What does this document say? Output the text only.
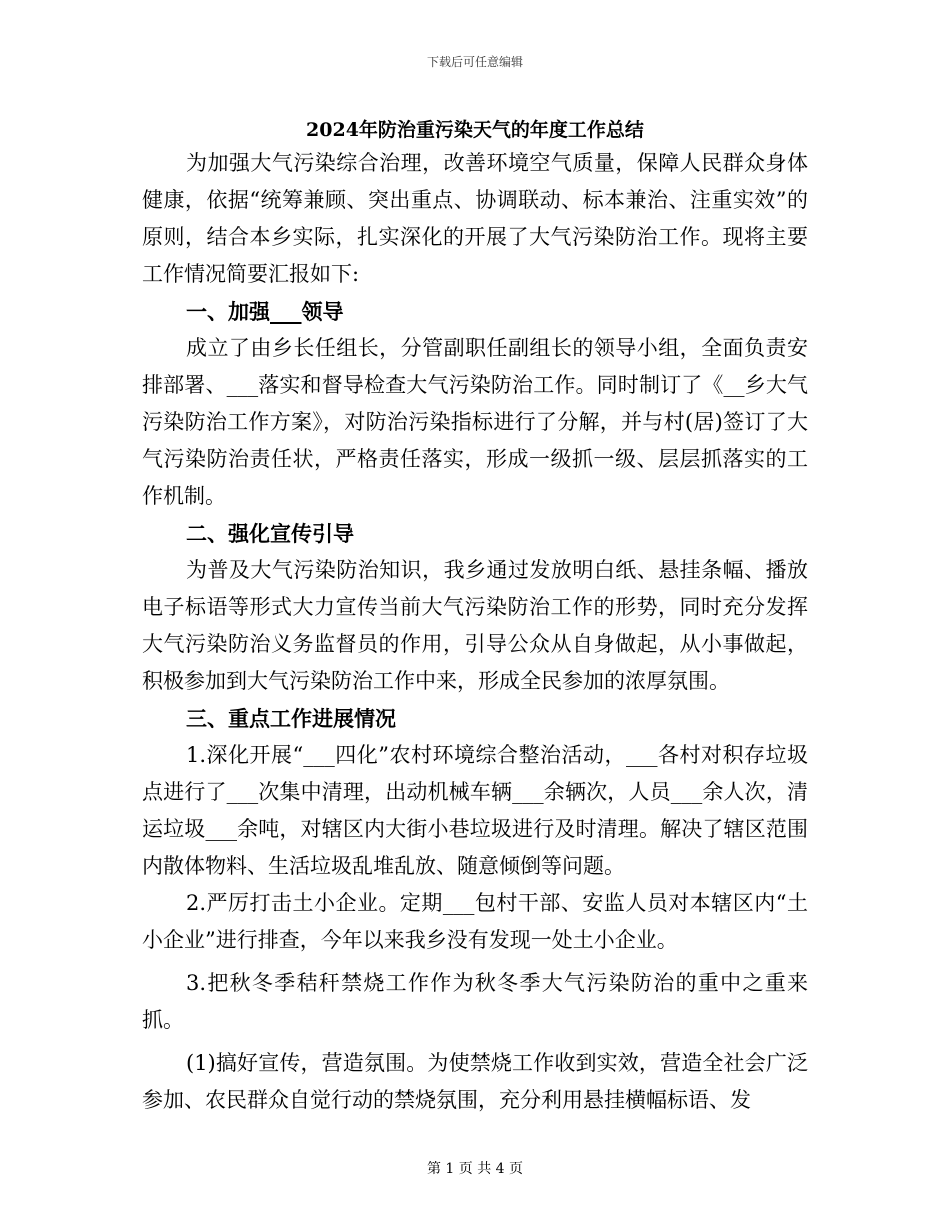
下载后可任意编辑
2024年防治重污染天气的年度工作总结

为加强大气污染综合治理，改善环境空气质量，保障人民群众身体健康，依据“统筹兼顾、突出重点、协调联动、标本兼治、注重实效”的原则，结合本乡实际，扎实深化的开展了大气污染防治工作。现将主要工作情况简要汇报如下:

一、加强___领导

成立了由乡长任组长，分管副职任副组长的领导小组，全面负责安排部署、___落实和督导检查大气污染防治工作。同时制订了《__乡大气污染防治工作方案》，对防治污染指标进行了分解，并与村(居)签订了大气污染防治责任状，严格责任落实，形成一级抓一级、层层抓落实的工作机制。

二、强化宣传引导

为普及大气污染防治知识，我乡通过发放明白纸、悬挂条幅、播放电子标语等形式大力宣传当前大气污染防治工作的形势，同时充分发挥大气污染防治义务监督员的作用，引导公众从自身做起，从小事做起，积极参加到大气污染防治工作中来，形成全民参加的浓厚氛围。

三、重点工作进展情况

1.深化开展“___四化”农村环境综合整治活动，___各村对积存垃圾点进行了___次集中清理，出动机械车辆___余辆次，人员___余人次，清运垃圾___余吨，对辖区内大街小巷垃圾进行及时清理。解决了辖区范围内散体物料、生活垃圾乱堆乱放、随意倾倒等问题。

2.严厉打击土小企业。定期___包村干部、安监人员对本辖区内“土小企业”进行排查，今年以来我乡没有发现一处土小企业。

3.把秋冬季秸秆禁烧工作作为秋冬季大气污染防治的重中之重来抓。

(1)搞好宣传，营造氛围。为使禁烧工作收到实效，营造全社会广泛参加、农民群众自觉行动的禁烧氛围，充分利用悬挂横幅标语、发

第 1 页 共 4 页
